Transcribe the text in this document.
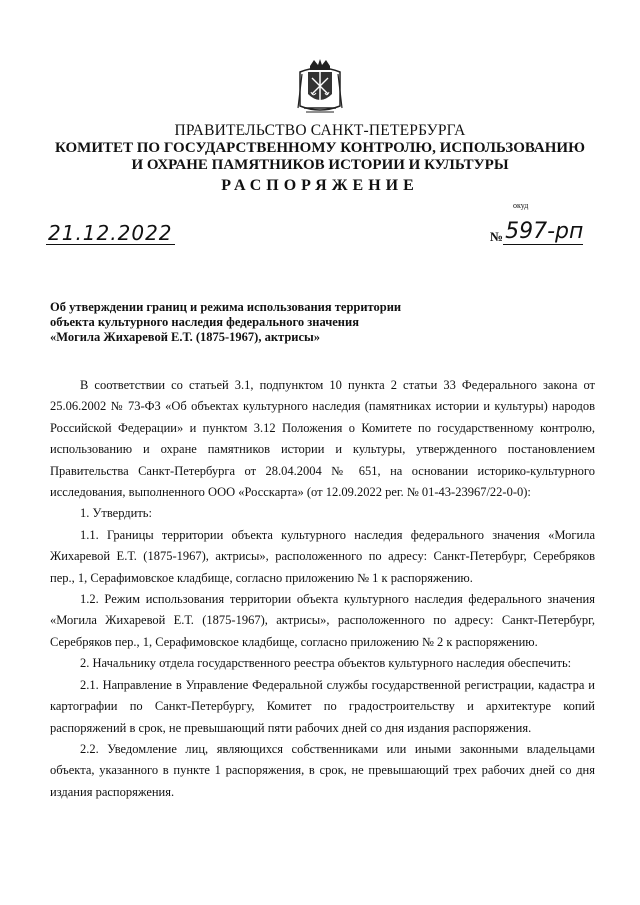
ПРАВИТЕЛЬСТВО САНКТ-ПЕТЕРБУРГА
КОМИТЕТ ПО ГОСУДАРСТВЕННОМУ КОНТРОЛЮ, ИСПОЛЬЗОВАНИЮ
И ОХРАНЕ ПАМЯТНИКОВ ИСТОРИИ И КУЛЬТУРЫ
РАСПОРЯЖЕНИЕ
окуд
21.12.2022	№597-рп
Об утверждении границ и режима использования территории
объекта культурного наследия федерального значения
«Могила Жихаревой Е.Т. (1875-1967), актрисы»

В соответствии со статьей 3.1, подпунктом 10 пункта 2 статьи 33 Федерального закона от 25.06.2002 № 73-ФЗ «Об объектах культурного наследия (памятниках истории и культуры) народов Российской Федерации» и пунктом 3.12 Положения о Комитете по государственному контролю, использованию и охране памятников истории и культуры, утвержденного постановлением Правительства Санкт-Петербурга от 28.04.2004 № 651, на основании историко-культурного исследования, выполненного ООО «Росскарта» (от 12.09.2022 рег. № 01-43-23967/22-0-0):

1. Утвердить:

1.1. Границы территории объекта культурного наследия федерального значения «Могила Жихаревой Е.Т. (1875-1967), актрисы», расположенного по адресу: Санкт-Петербург, Серебряков пер., 1, Серафимовское кладбище, согласно приложению № 1 к распоряжению.

1.2. Режим использования территории объекта культурного наследия федерального значения «Могила Жихаревой Е.Т. (1875-1967), актрисы», расположенного по адресу: Санкт-Петербург, Серебряков пер., 1, Серафимовское кладбище, согласно приложению № 2 к распоряжению.

2. Начальнику отдела государственного реестра объектов культурного наследия обеспечить:

2.1. Направление в Управление Федеральной службы государственной регистрации, кадастра и картографии по Санкт-Петербургу, Комитет по градостроительству и архитектуре копий распоряжений в срок, не превышающий пяти рабочих дней со дня издания распоряжения.

2.2. Уведомление лиц, являющихся собственниками или иными законными владельцами объекта, указанного в пункте 1 распоряжения, в срок, не превышающий трех рабочих дней со дня издания распоряжения.
